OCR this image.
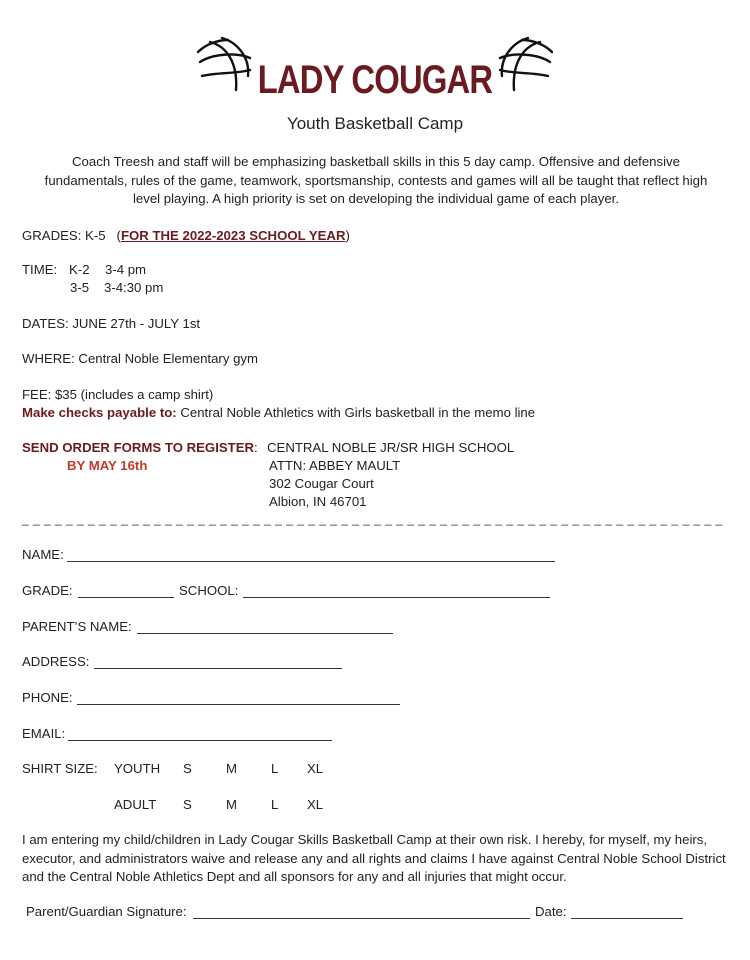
LADY COUGAR
Youth Basketball Camp
Coach Treesh and staff will be emphasizing basketball skills in this 5 day camp. Offensive and defensive fundamentals, rules of the game, teamwork, sportsmanship, contests and games will all be taught that reflect high level playing. A high priority is set on developing the individual game of each player.
GRADES: K-5 (FOR THE 2022-2023 SCHOOL YEAR)
TIME: K-2 3-4 pm
3-5 3-4:30 pm
DATES: JUNE 27th - JULY 1st
WHERE: Central Noble Elementary gym
FEE: $35 (includes a camp shirt)
Make checks payable to: Central Noble Athletics with Girls basketball in the memo line
SEND ORDER FORMS TO REGISTER: CENTRAL NOBLE JR/SR HIGH SCHOOL
BY MAY 16th	ATTN: ABBEY MAULT
302 Cougar Court
Albion, IN 46701
_ _ _ _ _ _ _ _ _ _ _ _ _ _ _ _ _ _ _ _ _ _ _ _ _ _ _ _ _ _ _ _ _ _ _ _ _ _ _ _ _ _ _ _ _ _ _ _ _ _ _ _ _ _ _ _ _ _ _ _ _ _ _ _
NAME:
GRADE:	SCHOOL:
PARENT’S NAME:
ADDRESS:
PHONE:
EMAIL:
SHIRT SIZE: YOUTH S	M	L XL
ADULT S	M	L XL
I am entering my child/children in Lady Cougar Skills Basketball Camp at their own risk. I hereby, for myself, my heirs, executor, and administrators waive and release any and all rights and claims I have against Central Noble School District and the Central Noble Athletics Dept and all sponsors for any and all injuries that might occur.
Parent/Guardian Signature:	Date:
